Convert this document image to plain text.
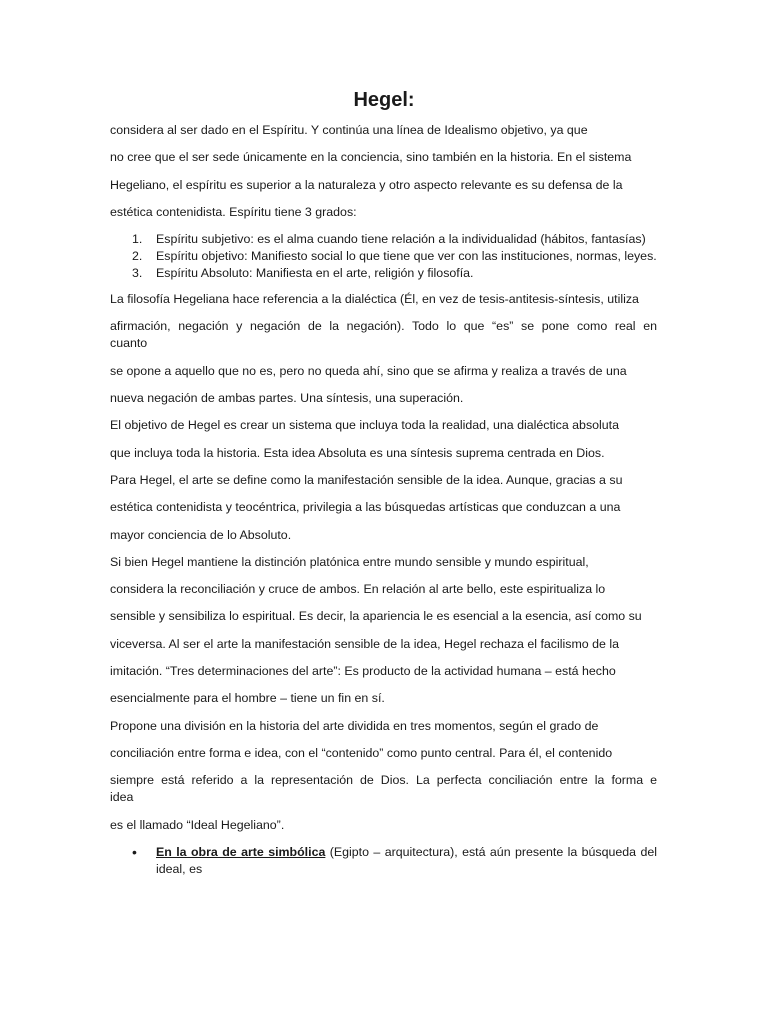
Hegel:

considera al ser dado en el Espíritu. Y continúa una línea de Idealismo objetivo, ya que

no cree que el ser sede únicamente en la conciencia, sino también en la historia. En el sistema

Hegeliano, el espíritu es superior a la naturaleza y otro aspecto relevante es su defensa de la

estética contenidista. Espíritu tiene 3 grados:

1. Espíritu subjetivo: es el alma cuando tiene relación a la individualidad (hábitos, fantasías)
2. Espíritu objetivo: Manifiesto social lo que tiene que ver con las instituciones, normas, leyes.
3. Espíritu Absoluto: Manifiesta en el arte, religión y filosofía.

La filosofía Hegeliana hace referencia a la dialéctica (Él, en vez de tesis-antitesis-síntesis, utiliza

afirmación, negación y negación de la negación). Todo lo que “es” se pone como real en
cuanto

se opone a aquello que no es, pero no queda ahí, sino que se afirma y realiza a través de una

nueva negación de ambas partes. Una síntesis, una superación.

El objetivo de Hegel es crear un sistema que incluya toda la realidad, una dialéctica absoluta

que incluya toda la historia. Esta idea Absoluta es una síntesis suprema centrada en Dios.

Para Hegel, el arte se define como la manifestación sensible de la idea. Aunque, gracias a su

estética contenidista y teocéntrica, privilegia a las búsquedas artísticas que conduzcan a una

mayor conciencia de lo Absoluto.

Si bien Hegel mantiene la distinción platónica entre mundo sensible y mundo espiritual,

considera la reconciliación y cruce de ambos. En relación al arte bello, este espiritualiza lo

sensible y sensibiliza lo espiritual. Es decir, la apariencia le es esencial a la esencia, así como su

viceversa. Al ser el arte la manifestación sensible de la idea, Hegel rechaza el facilismo de la

imitación. “Tres determinaciones del arte”: Es producto de la actividad humana – está hecho

esencialmente para el hombre – tiene un fin en sí.

Propone una división en la historia del arte dividida en tres momentos, según el grado de

conciliación entre forma e idea, con el “contenido” como punto central. Para él, el contenido

siempre está referido a la representación de Dios. La perfecta conciliación entre la forma e
idea

es el llamado “Ideal Hegeliano”.

• En la obra de arte simbólica (Egipto – arquitectura), está aún presente la búsqueda del ideal, es
